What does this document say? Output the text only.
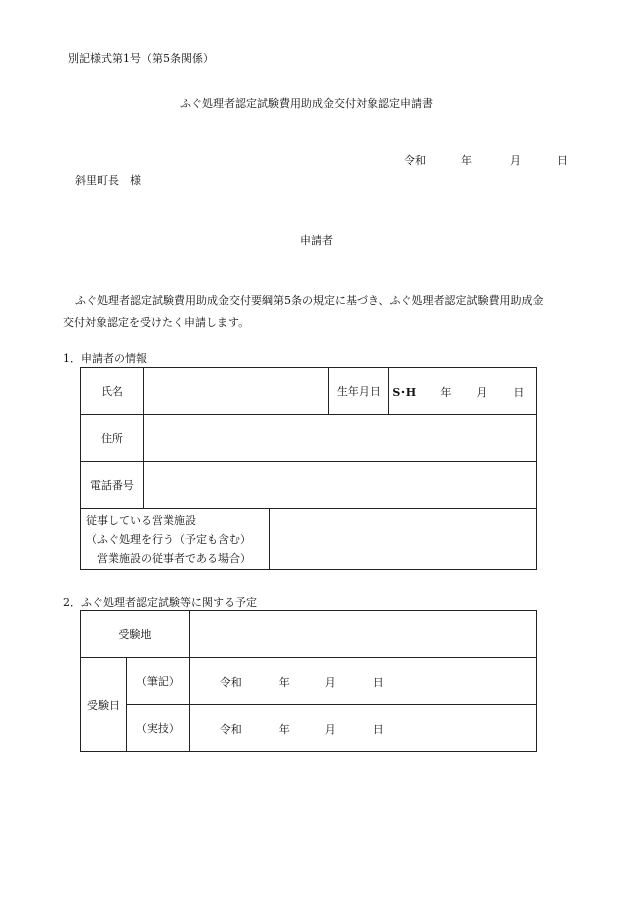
別記様式第1号（第5条関係）
ふぐ処理者認定試験費用助成金交付対象認定申請書
令和	年	月	日
斜里町長　様
申請者
ふぐ処理者認定試験費用助成金交付要綱第5条の規定に基づき、ふぐ処理者認定試験費用助成金
交付対象認定を受けたく申請します。
1．申請者の情報
氏名			生年月日	S･H 年 月 日

住所				
電話番号				

従事している営業施設
（ふぐ処理を行う（予定も含む）
営業施設の従事者である場合）				

2．ふぐ処理者認定試験等に関する予定
受験地		
受験日	（筆記）	令和 年 月 日

	（実技）	令和 年 月 日
